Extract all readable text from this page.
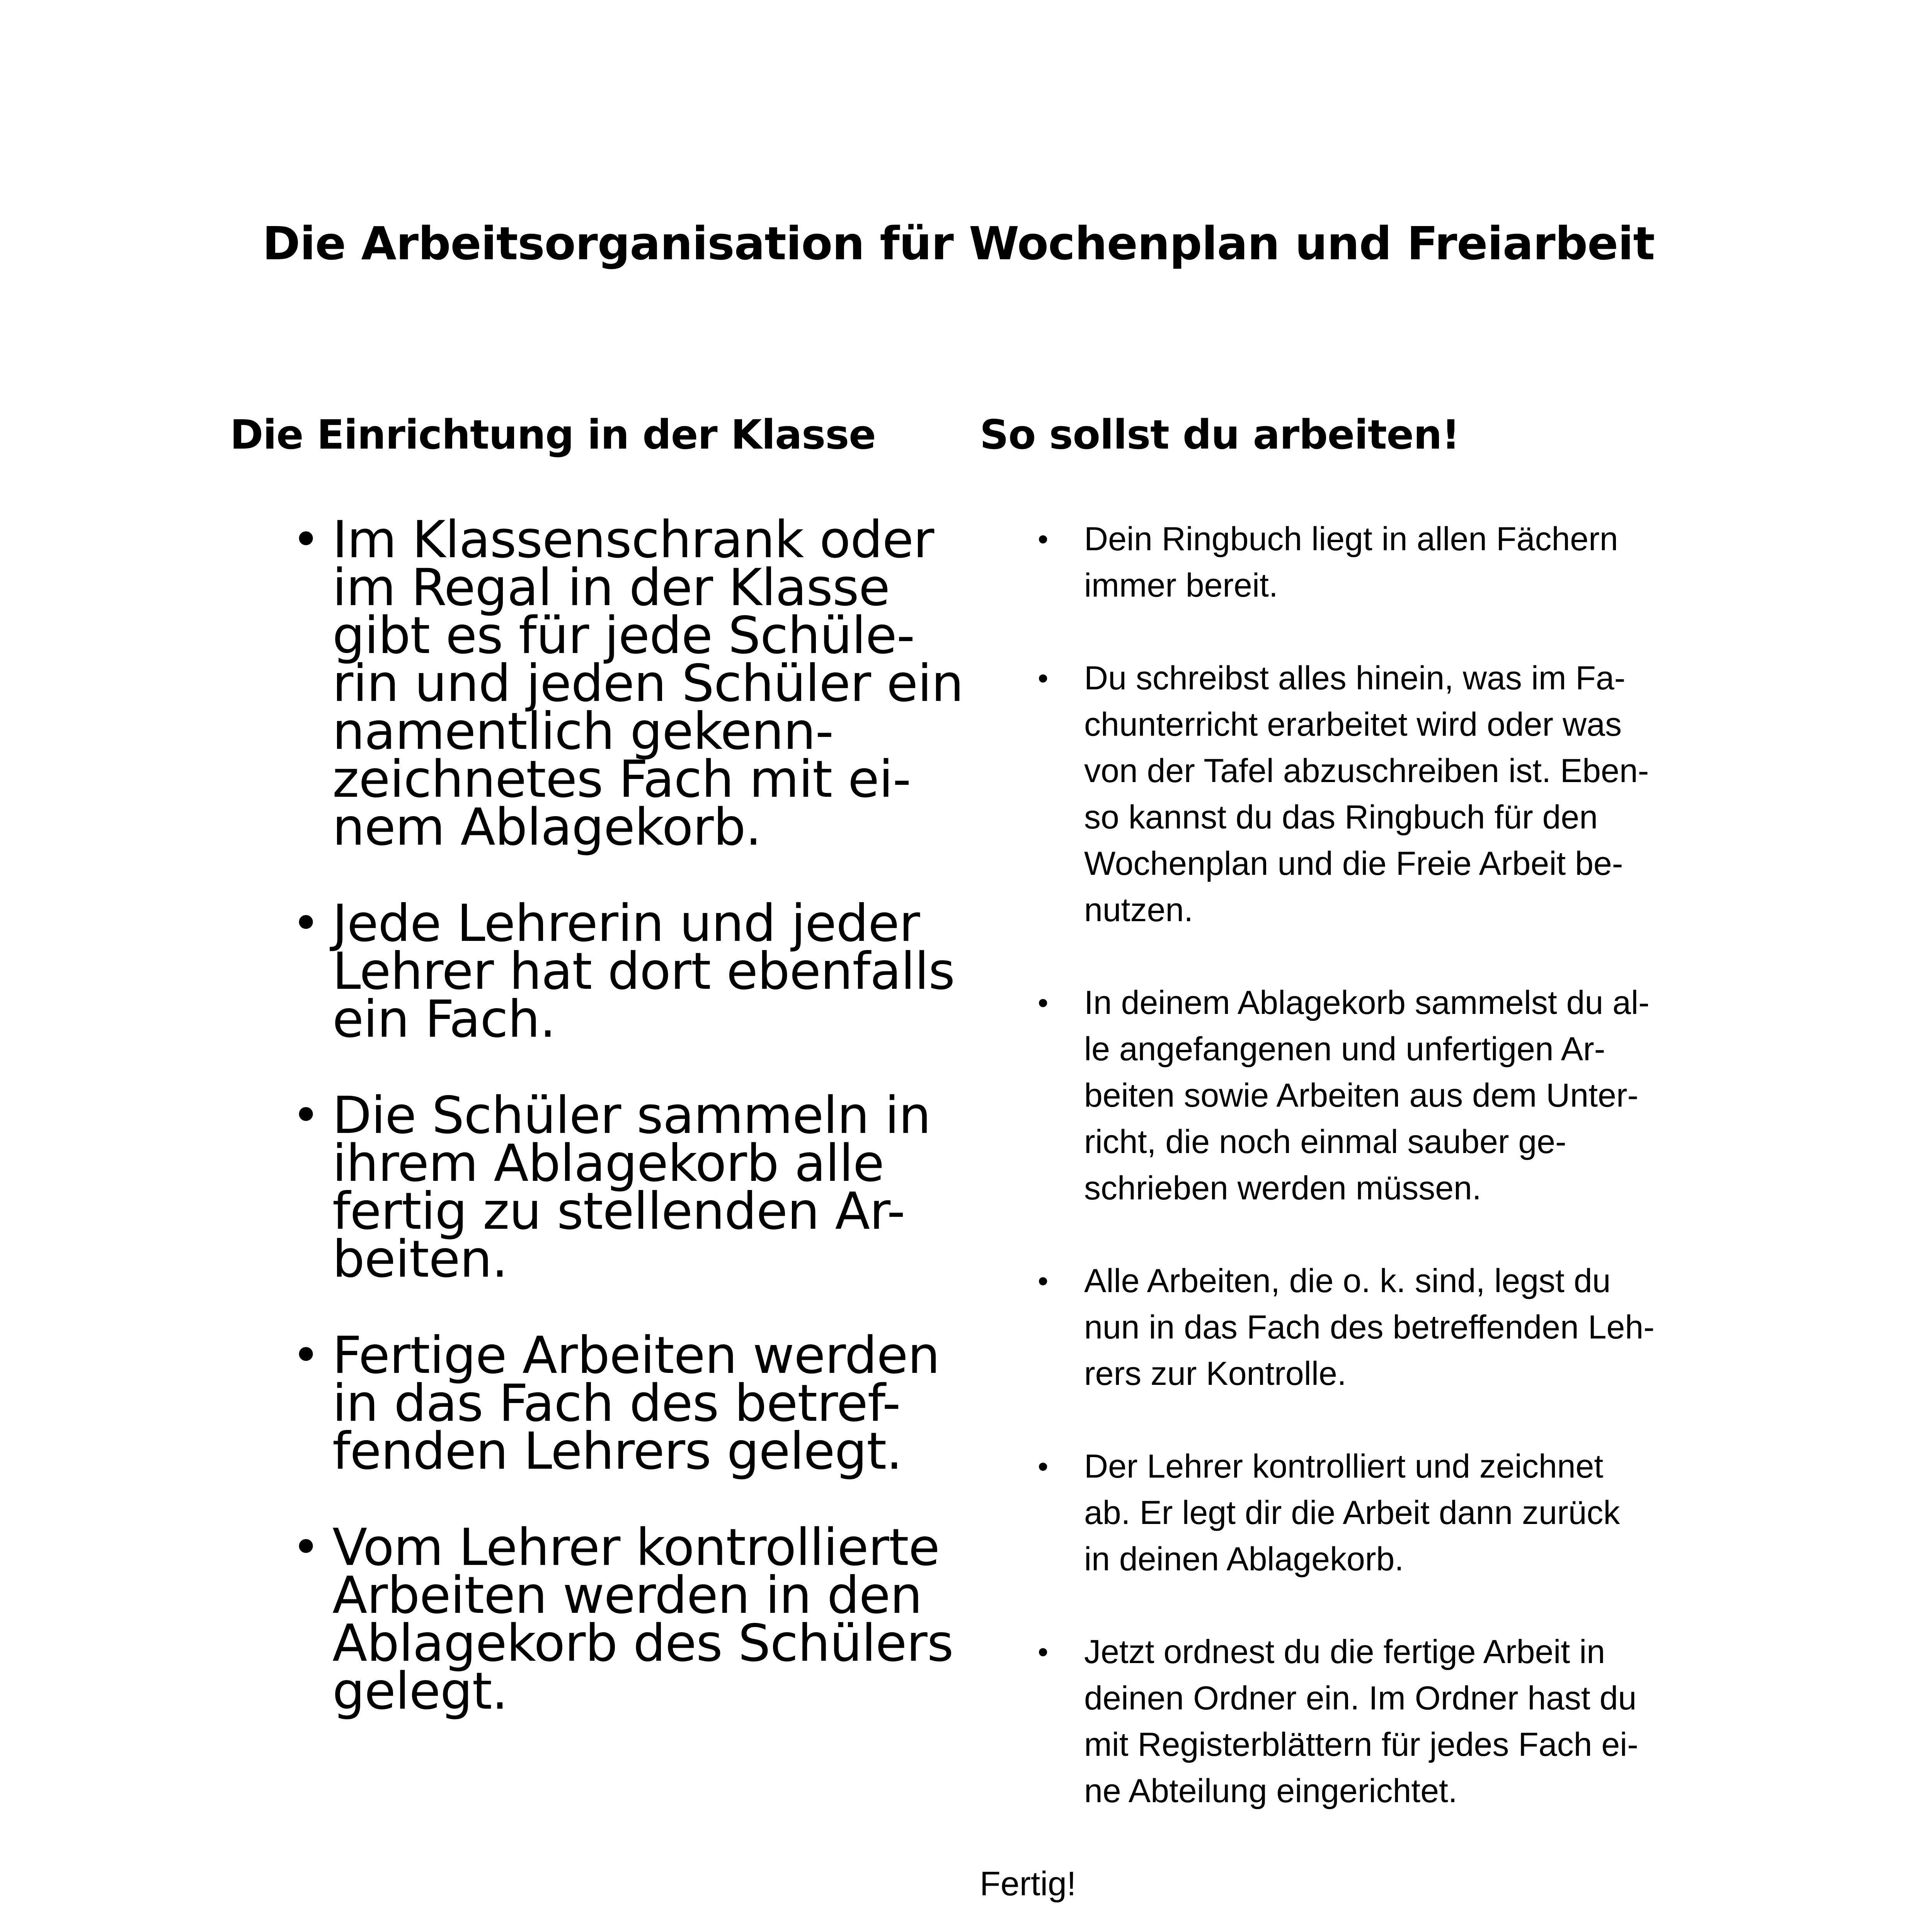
Die Arbeitsorganisation für Wochenplan und Freiarbeit
Die Einrichtung in der Klasse
• Im Klassenschrank oder
im Regal in der Klasse
gibt es für jede Schüle-
rin und jeden Schüler ein
namentlich gekenn-
zeichnetes Fach mit ei-
nem Ablagekorb.
• Jede Lehrerin und jeder
Lehrer hat dort ebenfalls
ein Fach.
• Die Schüler sammeln in
ihrem Ablagekorb alle
fertig zu stellenden Ar-
beiten.
• Fertige Arbeiten werden
in das Fach des betref-
fenden Lehrers gelegt.
• Vom Lehrer kontrollierte
Arbeiten werden in den
Ablagekorb des Schülers
gelegt.
So sollst du arbeiten!
• Dein Ringbuch liegt in allen Fächern
immer bereit.
• Du schreibst alles hinein, was im Fa-
chunterricht erarbeitet wird oder was
von der Tafel abzuschreiben ist. Eben-
so kannst du das Ringbuch für den
Wochenplan und die Freie Arbeit be-
nutzen.
• In deinem Ablagekorb sammelst du al-
le angefangenen und unfertigen Ar-
beiten sowie Arbeiten aus dem Unter-
richt, die noch einmal sauber ge-
schrieben werden müssen.
• Alle Arbeiten, die o. k. sind, legst du
nun in das Fach des betreffenden Leh-
rers zur Kontrolle.
• Der Lehrer kontrolliert und zeichnet
ab. Er legt dir die Arbeit dann zurück
in deinen Ablagekorb.
• Jetzt ordnest du die fertige Arbeit in
deinen Ordner ein. Im Ordner hast du
mit Registerblättern für jedes Fach ei-
ne Abteilung eingerichtet.

Fertig!
